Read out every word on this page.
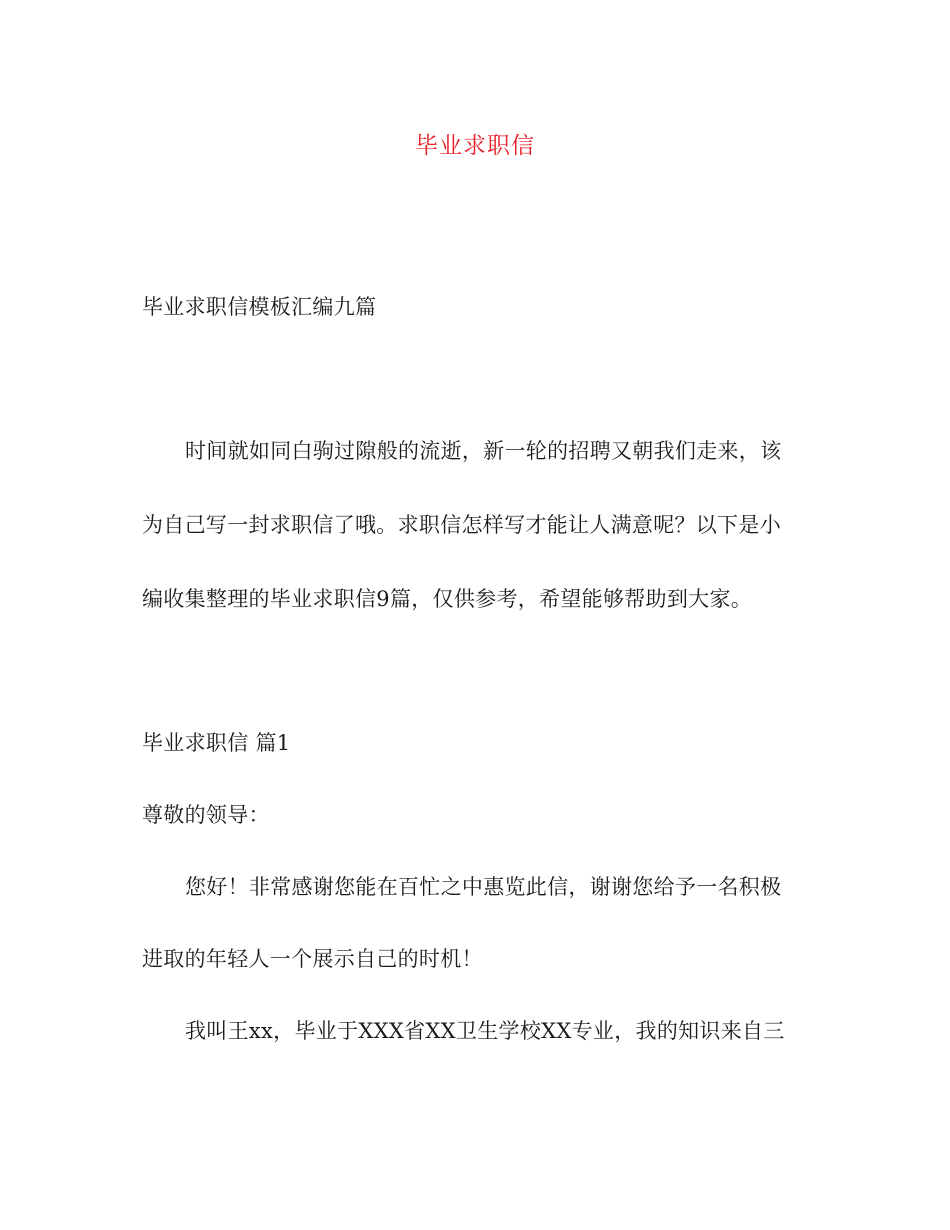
毕业求职信
毕业求职信模板汇编九篇
时间就如同白驹过隙般的流逝，新一轮的招聘又朝我们走来，该
为自己写一封求职信了哦。求职信怎样写才能让人满意呢？以下是小
编收集整理的毕业求职信9篇，仅供参考，希望能够帮助到大家。
毕业求职信 篇1
尊敬的领导：
您好！非常感谢您能在百忙之中惠览此信，谢谢您给予一名积极
进取的年轻人一个展示自己的时机！
我叫王xx，毕业于XXX省XX卫生学校XX专业，我的知识来自三
